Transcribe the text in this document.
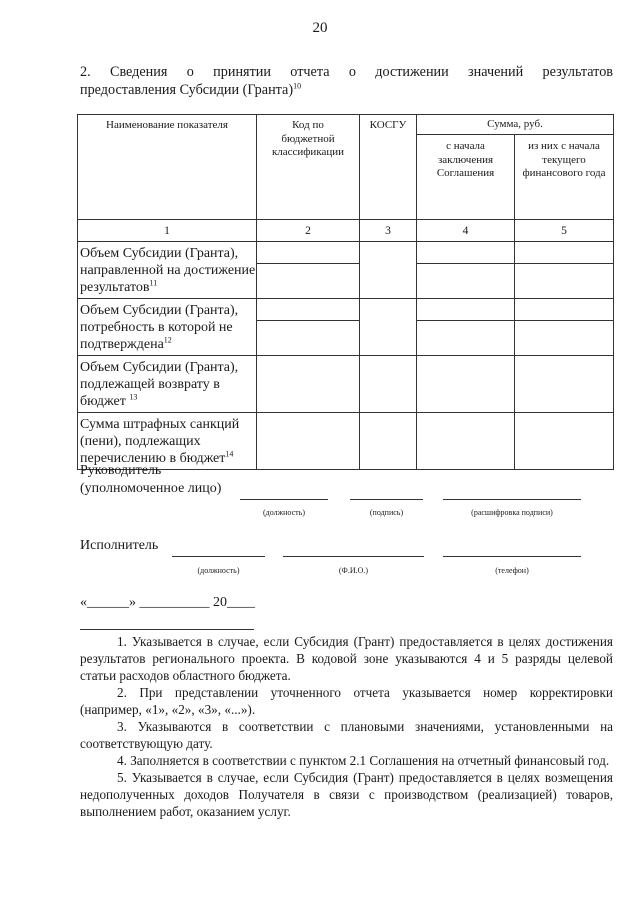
20
2. Сведения о принятии отчета о достижении значений результатов
предоставления Субсидии (Гранта)$^{10}$
Наименование показателя	Код по бюджетной классификации	КОСГУ	Сумма, руб.	
			с начала заключения Соглашения	из них с начала текущего финансового года
1	2	3	4	5
Объем Субсидии (Гранта), направленной на достижение результатов$^{11}$				

Объем Субсидии (Гранта), потребность в которой не подтверждена$^{12}$				

Объем Субсидии (Гранта), подлежащей возврату в бюджет $^{13}$				
Сумма штрафных санкций (пени), подлежащих перечислению в бюджет$^{14}$				
Руководитель
(уполномоченное лицо)
(должность)	(подпись)	(расшифровка подписи)
Исполнитель
(должность)	(Ф.И.О.)	(телефон)
«______» __________ 20____

1. Указывается в случае, если Субсидия (Грант) предоставляется в целях достижения результатов регионального проекта. В кодовой зоне указываются 4 и 5 разряды целевой статьи расходов областного бюджета.

2. При представлении уточненного отчета указывается номер корректировки (например, «1», «2», «3», «...»).

3. Указываются в соответствии с плановыми значениями, установленными на соответствующую дату.

4. Заполняется в соответствии с пунктом 2.1 Соглашения на отчетный финансовый год.

5. Указывается в случае, если Субсидия (Грант) предоставляется в целях возмещения недополученных доходов Получателя в связи с производством (реализацией) товаров, выполнением работ, оказанием услуг.
